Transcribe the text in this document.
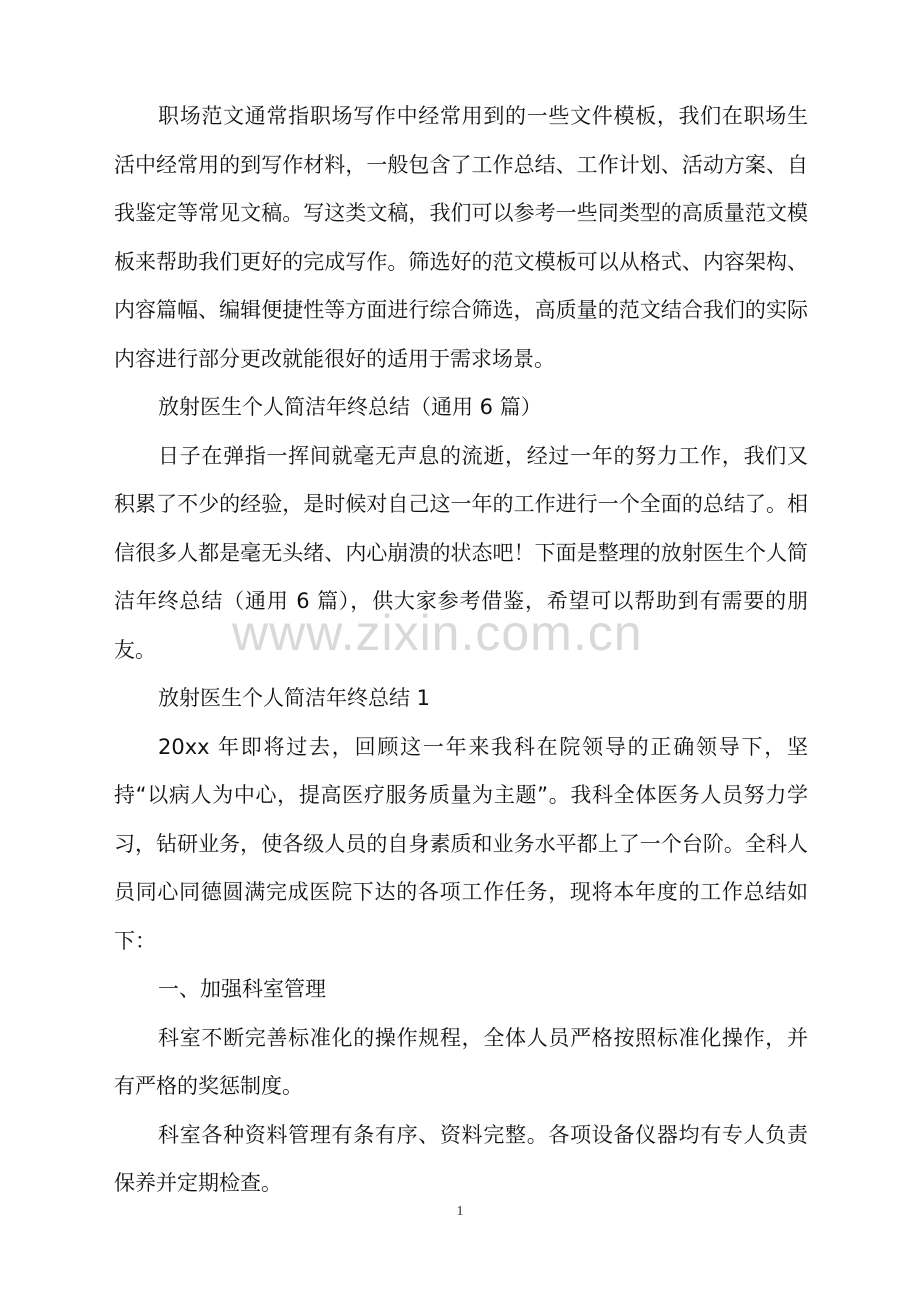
职场范文通常指职场写作中经常用到的一些文件模板，我们在职场生活中经常用的到写作材料，一般包含了工作总结、工作计划、活动方案、自我鉴定等常见文稿。写这类文稿，我们可以参考一些同类型的高质量范文模板来帮助我们更好的完成写作。筛选好的范文模板可以从格式、内容架构、内容篇幅、编辑便捷性等方面进行综合筛选，高质量的范文结合我们的实际内容进行部分更改就能很好的适用于需求场景。

放射医生个人简洁年终总结（通用 6 篇）

日子在弹指一挥间就毫无声息的流逝，经过一年的努力工作，我们又积累了不少的经验，是时候对自己这一年的工作进行一个全面的总结了。相信很多人都是毫无头绪、内心崩溃的状态吧！下面是整理的放射医生个人简洁年终总结（通用 6 篇），供大家参考借鉴，希望可以帮助到有需要的朋友。

放射医生个人简洁年终总结 1

20xx 年即将过去，回顾这一年来我科在院领导的正确领导下，坚持“以病人为中心，提高医疗服务质量为主题”。我科全体医务人员努力学习，钻研业务，使各级人员的自身素质和业务水平都上了一个台阶。全科人员同心同德圆满完成医院下达的各项工作任务，现将本年度的工作总结如下：

一、加强科室管理

科室不断完善标准化的操作规程，全体人员严格按照标准化操作，并有严格的奖惩制度。

科室各种资料管理有条有序、资料完整。各项设备仪器均有专人负责保养并定期检查。

www.zixin.com.cn
1
